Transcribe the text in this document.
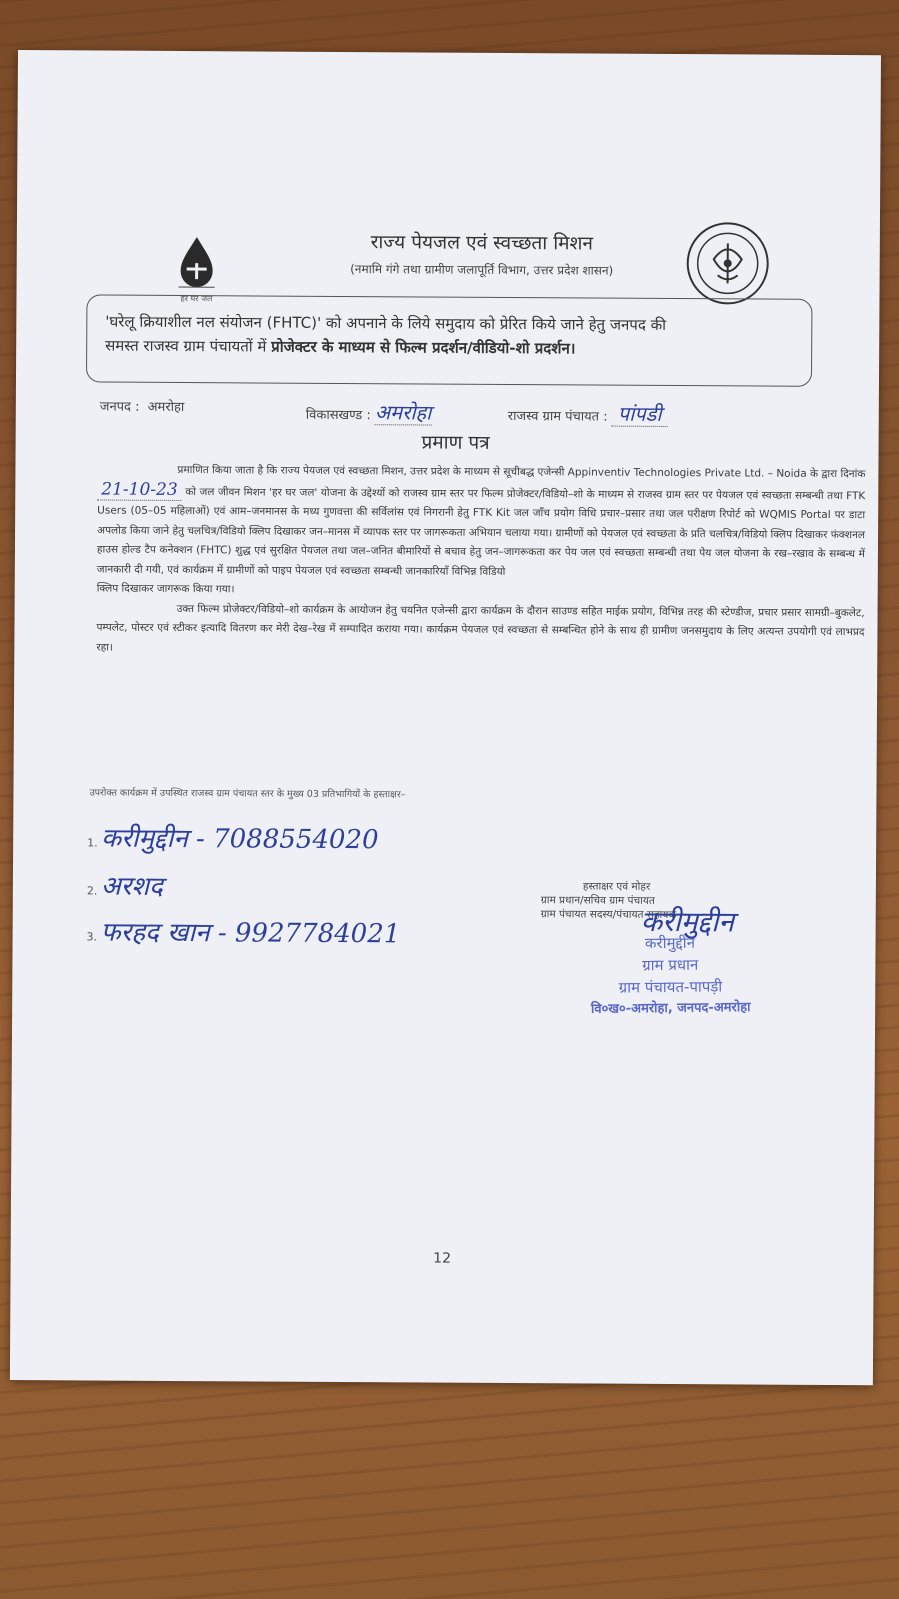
हर घर जल
राज्य पेयजल एवं स्वच्छता मिशन
(नमामि गंगे तथा ग्रामीण जलापूर्ति विभाग, उत्तर प्रदेश शासन)

'घरेलू क्रियाशील नल संयोजन (FHTC)' को अपनाने के लिये समुदाय को प्रेरित किये जाने हेतु जनपद की
समस्त राजस्व ग्राम पंचायतों में प्रोजेक्टर के माध्यम से फिल्म प्रदर्शन/वीडियो-शो प्रदर्शन।

जनपद : अमरोहा
विकासखण्ड : अमरोहा	राजस्व ग्राम पंचायत : पांपडी
प्रमाण पत्र

प्रमाणित किया जाता है कि राज्य पेयजल एवं स्वच्छता मिशन, उत्तर प्रदेश के माध्यम से सूचीबद्ध एजेन्सी Appinventiv Technologies Private Ltd. – Noida के द्वारा दिनांक 21-10-23 को जल जीवन मिशन 'हर घर जल' योजना के उद्देश्यों को राजस्व ग्राम स्तर पर फिल्म प्रोजेक्टर/विडियो–शो के माध्यम से राजस्व ग्राम स्तर पर पेयजल एवं स्वच्छता सम्बन्धी तथा FTK Users (05–05 महिलाओं) एवं आम–जनमानस के मध्य गुणवत्ता की सर्विलांस एवं निगरानी हेतु FTK Kit जल जाँच प्रयोग विधि प्रचार–प्रसार तथा जल परीक्षण रिपोर्ट को WQMIS Portal पर डाटा अपलोड किया जाने हेतु चलचित्र/विडियो क्लिप दिखाकर जन–मानस में व्यापक स्तर पर जागरूकता अभियान चलाया गया। ग्रामीणों को पेयजल एवं स्वच्छता के प्रति चलचित्र/विडियो क्लिप दिखाकर फंक्शनल हाउस होल्ड टैप कनेक्शन (FHTC) शुद्ध एवं सुरक्षित पेयजल तथा जल–जनित बीमारियों से बचाव हेतु जन–जागरूकता कर पेय जल एवं स्वच्छता सम्बन्धी तथा पेय जल योजना के रख–रखाव के सम्बन्ध में जानकारी दी गयी, एवं कार्यक्रम में ग्रामीणों को पाइप पेयजल एवं स्वच्छता सम्बन्धी जानकारियाँ विभिन्न विडियो

क्लिप दिखाकर जागरूक किया गया।

उक्त फिल्म प्रोजेक्टर/विडियो–शो कार्यक्रम के आयोजन हेतु चयनित एजेन्सी द्वारा कार्यक्रम के दौरान साउण्ड सहित माईक प्रयोग, विभिन्न तरह की स्टेण्डीज, प्रचार प्रसार सामग्री–बुकलेट, पम्पलेट, पोस्टर एवं स्टीकर इत्यादि वितरण कर मेरी देख–रेख में सम्पादित कराया गया। कार्यक्रम पेयजल एवं स्वच्छता से सम्बन्धित होने के साथ ही ग्रामीण जनसमुदाय के लिए अत्यन्त उपयोगी एवं लाभप्रद रहा।

उपरोक्त कार्यक्रम में उपस्थित राजस्व ग्राम पंचायत स्तर के मुख्य 03 प्रतिभागियों के हस्ताक्षर–
1. करीमुद्दीन - 7088554020
2. अरशद
3. फरहद खान - 9927784021
हस्ताक्षर एवं मोहर
ग्राम प्रधान/सचिव ग्राम पंचायत
ग्राम पंचायत सदस्य/पंचायत सहायक
करीमुद्दीन
करीमुद्दीन
ग्राम प्रधान
ग्राम पंचायत-पापड़ी
वि०ख०-अमरोहा, जनपद-अमरोहा
12
